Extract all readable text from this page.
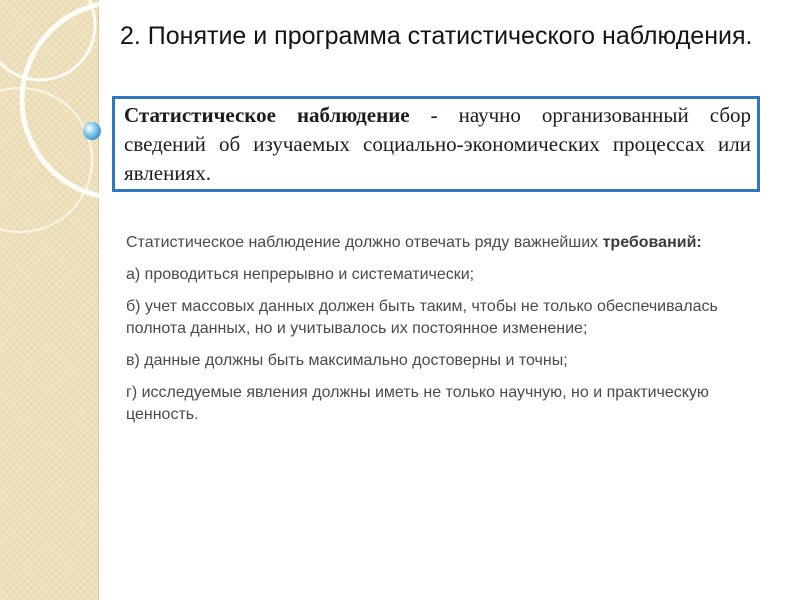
2. Понятие и программа статистического наблюдения.

Статистическое наблюдение - научно организованный сбор сведений об изучаемых социально-экономических процессах или явлениях.

Статистическое наблюдение должно отвечать ряду важнейших требований:

а) проводиться непрерывно и систематически;

б) учет массовых данных должен быть таким, чтобы не только обеспечивалась полнота данных, но и учитывалось их постоянное изменение;

в) данные должны быть максимально достоверны и точны;

г) исследуемые явления должны иметь не только научную, но и практическую ценность.
